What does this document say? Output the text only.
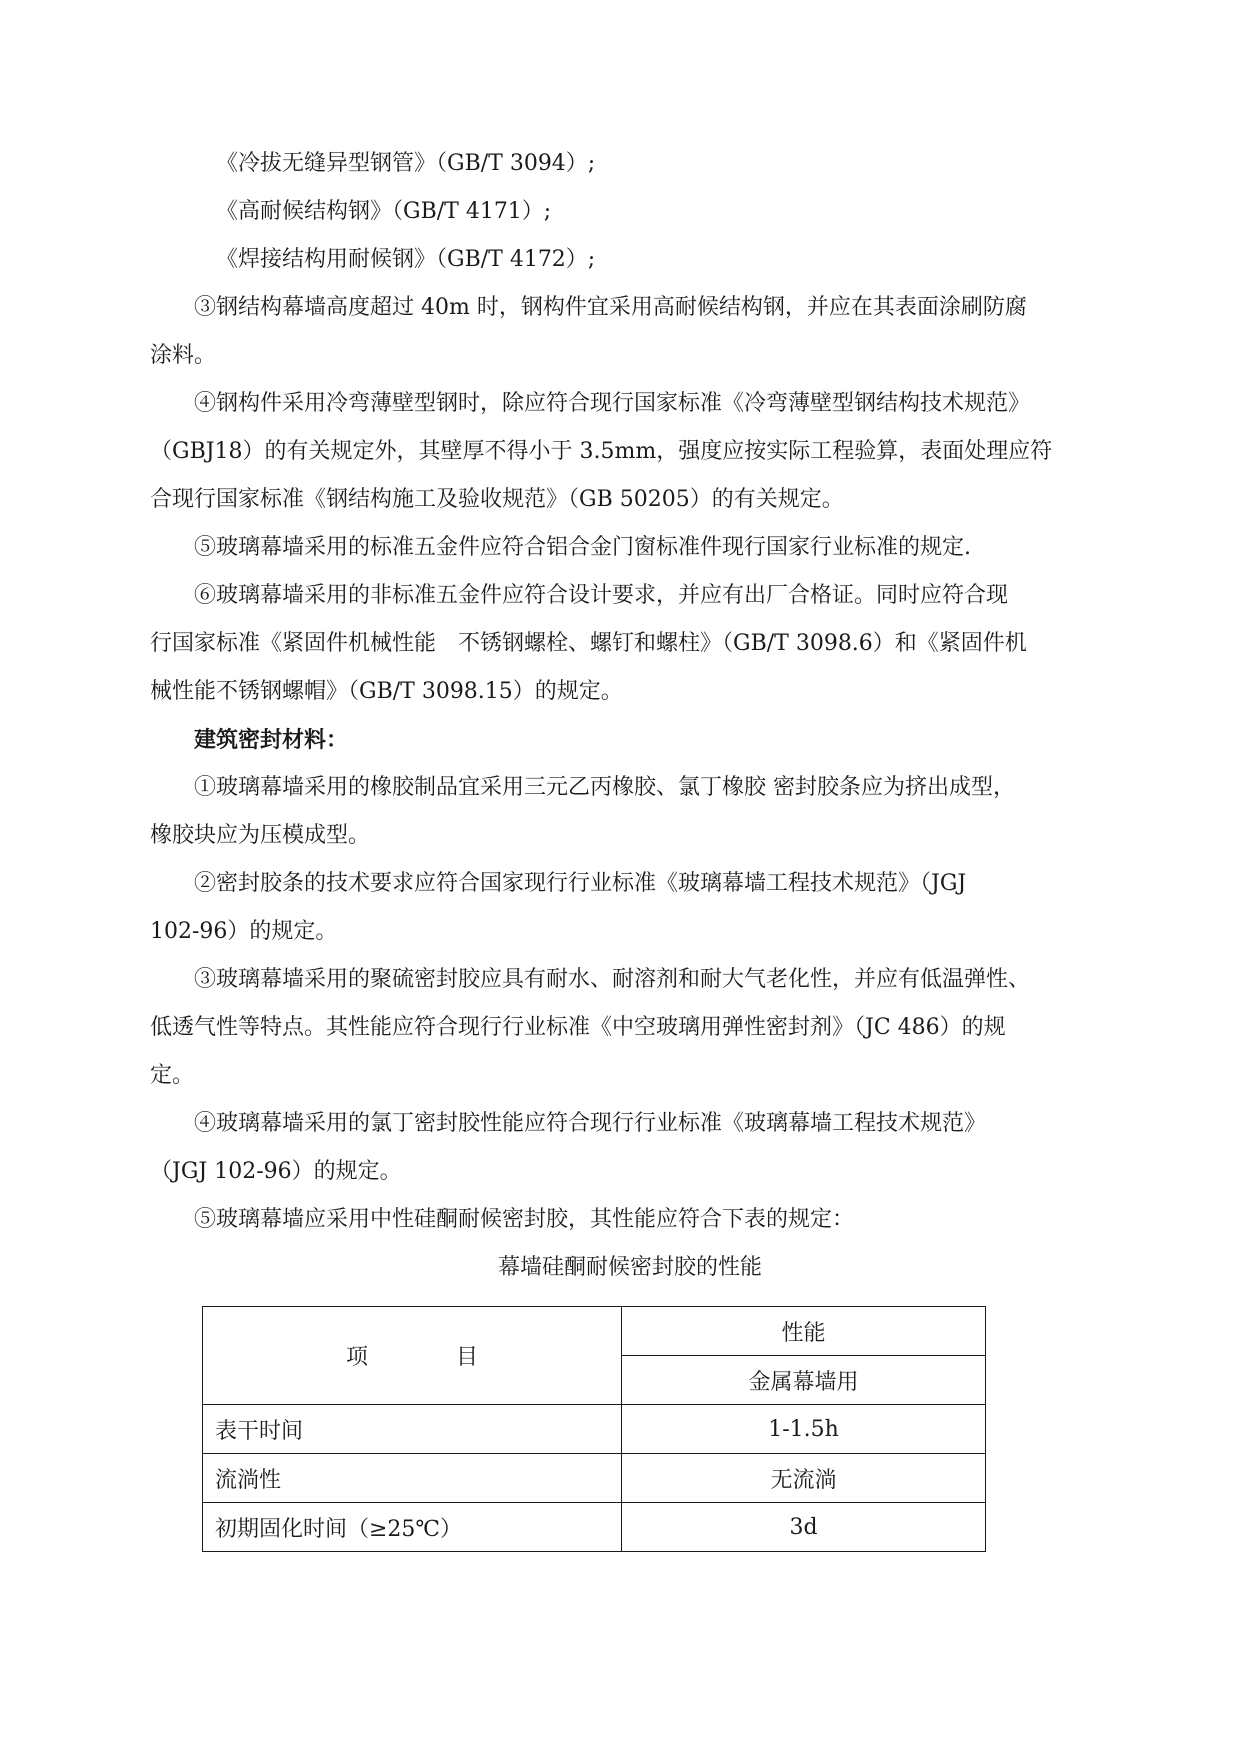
《冷拔无缝异型钢管》（GB/T 3094）;
《高耐候结构钢》（GB/T 4171）;
《焊接结构用耐候钢》（GB/T 4172）;
③钢结构幕墙高度超过 40m 时，钢构件宜采用高耐候结构钢，并应在其表面涂刷防腐
涂料。
④钢构件采用冷弯薄壁型钢时，除应符合现行国家标准《冷弯薄壁型钢结构技术规范》
（GBJ18）的有关规定外，其壁厚不得小于 3.5mm，强度应按实际工程验算，表面处理应符
合现行国家标准《钢结构施工及验收规范》（GB 50205）的有关规定。
⑤玻璃幕墙采用的标准五金件应符合铝合金门窗标准件现行国家行业标准的规定.
⑥玻璃幕墙采用的非标准五金件应符合设计要求，并应有出厂合格证。同时应符合现
行国家标准《紧固件机械性能　不锈钢螺栓、螺钉和螺柱》（GB/T 3098.6）和《紧固件机
械性能不锈钢螺帽》（GB/T 3098.15）的规定。
建筑密封材料：
①玻璃幕墙采用的橡胶制品宜采用三元乙丙橡胶、氯丁橡胶 密封胶条应为挤出成型，
橡胶块应为压模成型。
②密封胶条的技术要求应符合国家现行行业标准《玻璃幕墙工程技术规范》（JGJ
102-96）的规定。
③玻璃幕墙采用的聚硫密封胶应具有耐水、耐溶剂和耐大气老化性，并应有低温弹性、
低透气性等特点。其性能应符合现行行业标准《中空玻璃用弹性密封剂》（JC 486）的规
定。
④玻璃幕墙采用的氯丁密封胶性能应符合现行行业标准《玻璃幕墙工程技术规范》
（JGJ 102-96）的规定。
⑤玻璃幕墙应采用中性硅酮耐候密封胶，其性能应符合下表的规定：
幕墙硅酮耐候密封胶的性能
项 目	性能
	金属幕墙用
表干时间	1-1.5h
流淌性	无流淌
初期固化时间（≥25℃）	3d
